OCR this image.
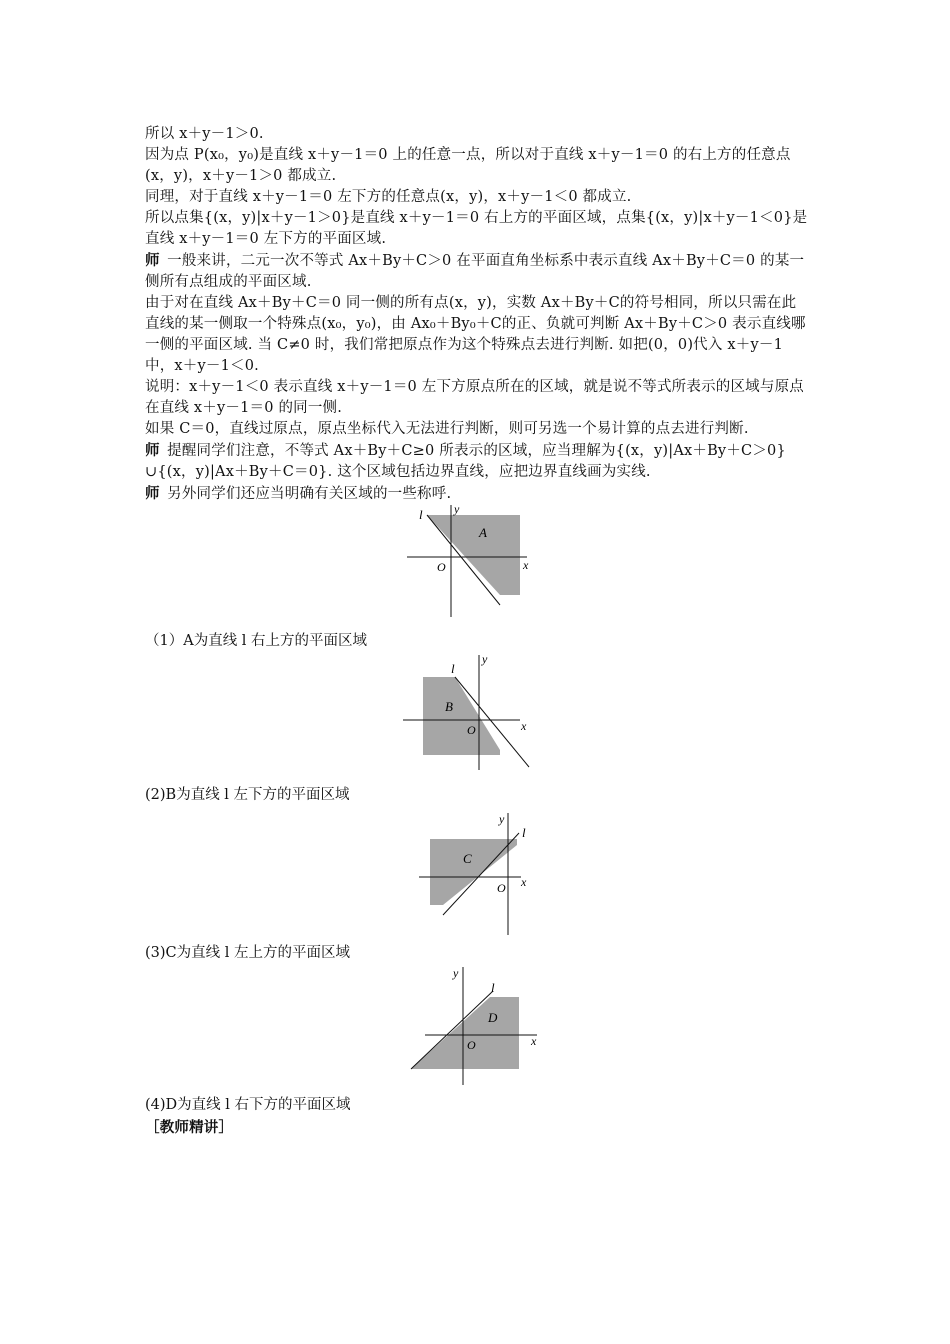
所以 x＋y－1＞0.

因为点 P(x₀，y₀)是直线 x＋y－1＝0 上的任意一点，所以对于直线 x＋y－1＝0 的右上方的任意点(x，y)，x＋y－1＞0 都成立.

同理，对于直线 x＋y－1＝0 左下方的任意点(x，y)，x＋y－1＜0 都成立.

所以点集{(x，y)|x＋y－1＞0}是直线 x＋y－1＝0 右上方的平面区域，点集{(x，y)|x＋y－1＜0}是直线 x＋y－1＝0 左下方的平面区域.

师  一般来讲，二元一次不等式 Ax＋By＋C＞0 在平面直角坐标系中表示直线 Ax＋By＋C＝0 的某一侧所有点组成的平面区域.

由于对在直线 Ax＋By＋C＝0 同一侧的所有点(x，y)，实数 Ax＋By＋C的符号相同，所以只需在此直线的某一侧取一个特殊点(x₀，y₀)，由 Ax₀＋By₀＋C的正、负就可判断 Ax＋By＋C＞0 表示直线哪一侧的平面区域. 当 C≠0 时，我们常把原点作为这个特殊点去进行判断. 如把(0，0)代入 x＋y－1 中，x＋y－1＜0.

说明：x＋y－1＜0 表示直线 x＋y－1＝0 左下方原点所在的区域，就是说不等式所表示的区域与原点在直线 x＋y－1＝0 的同一侧.

如果 C＝0，直线过原点，原点坐标代入无法进行判断，则可另选一个易计算的点去进行判断.

师  提醒同学们注意，不等式 Ax＋By＋C≥0 所表示的区域，应当理解为{(x，y)|Ax＋By＋C＞0}∪{(x，y)|Ax＋By＋C＝0}. 这个区域包括边界直线，应把边界直线画为实线.

师  另外同学们还应当明确有关区域的一些称呼.

A
l	y
x
O

（1）A为直线 l 右上方的平面区域

B
l
y
x
O

(2)B为直线 l 左下方的平面区域

C
l
y
x
O

(3)C为直线 l 左上方的平面区域

D
l
y
x
O

(4)D为直线 l 右下方的平面区域

［教师精讲］
